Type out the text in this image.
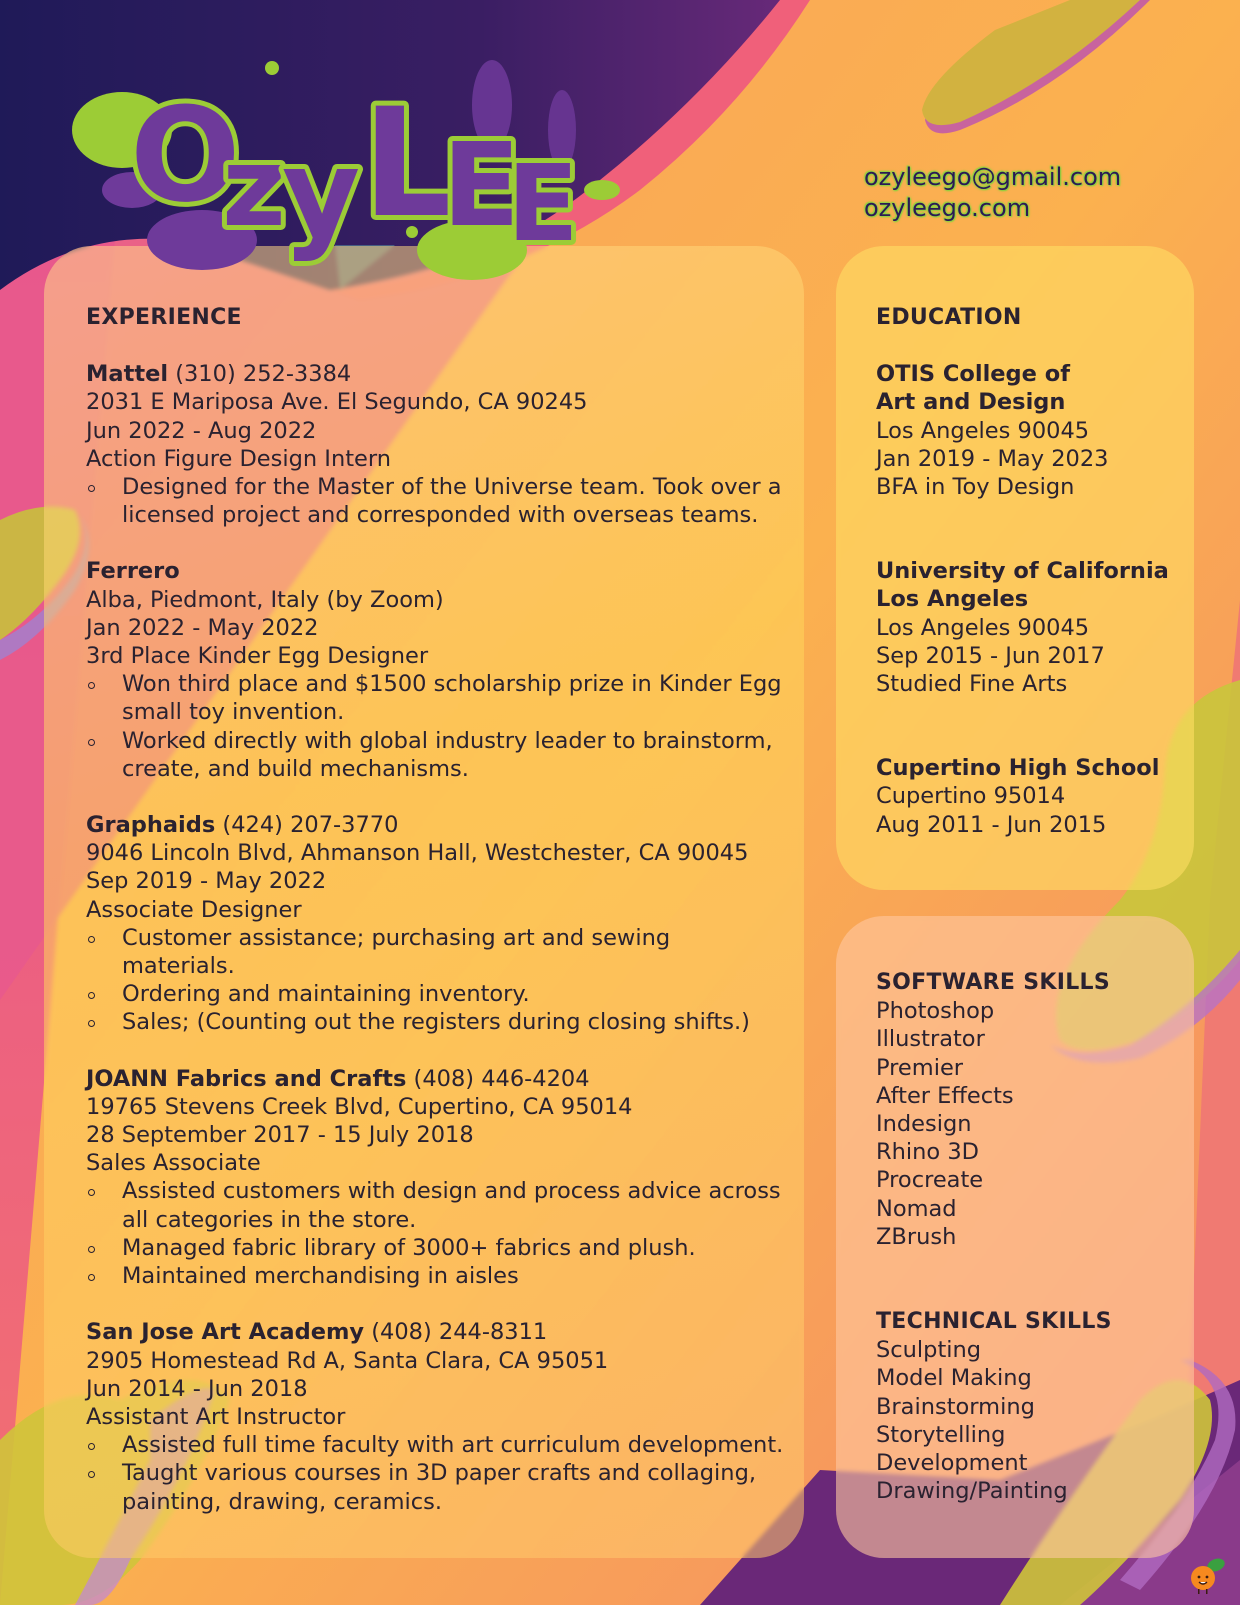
O
z
y L
E
E	ozyleego@gmail.com
ozyleego.com
EXPERIENCE
Mattel (310) 252-3384
2031 E Mariposa Ave. El Segundo, CA 90245
Jun 2022 - Aug 2022
Action Figure Design Intern
Designed for the Master of the Universe team. Took over a licensed project and corresponded with overseas teams.
Ferrero
Alba, Piedmont, Italy (by Zoom)
Jan 2022 - May 2022
3rd Place Kinder Egg Designer
Won third place and $1500 scholarship prize in Kinder Egg small toy invention.
Worked directly with global industry leader to brainstorm, create, and build mechanisms.
Graphaids (424) 207-3770
9046 Lincoln Blvd, Ahmanson Hall, Westchester, CA 90045
Sep 2019 - May 2022
Associate Designer
Customer assistance; purchasing art and sewing materials.
Ordering and maintaining inventory.
Sales; (Counting out the registers during closing shifts.)
JOANN Fabrics and Crafts (408) 446-4204
19765 Stevens Creek Blvd, Cupertino, CA 95014
28 September 2017 - 15 July 2018
Sales Associate
Assisted customers with design and process advice across all categories in the store.
Managed fabric library of 3000+ fabrics and plush.
Maintained merchandising in aisles
San Jose Art Academy (408) 244-8311
2905 Homestead Rd A, Santa Clara, CA 95051
Jun 2014 - Jun 2018
Assistant Art Instructor
Assisted full time faculty with art curriculum development.
Taught various courses in 3D paper crafts and collaging, painting, drawing, ceramics.
EDUCATION
OTIS College of
Art and Design
Los Angeles 90045
Jan 2019 - May 2023
BFA in Toy Design
University of California
Los Angeles
Los Angeles 90045
Sep 2015 - Jun 2017
Studied Fine Arts
Cupertino High School
Cupertino 95014
Aug 2011 - Jun 2015
SOFTWARE SKILLS
Photoshop
Illustrator
Premier
After Effects
Indesign
Rhino 3D
Procreate
Nomad
ZBrush
TECHNICAL SKILLS
Sculpting
Model Making
Brainstorming
Storytelling
Development
Drawing/Painting
